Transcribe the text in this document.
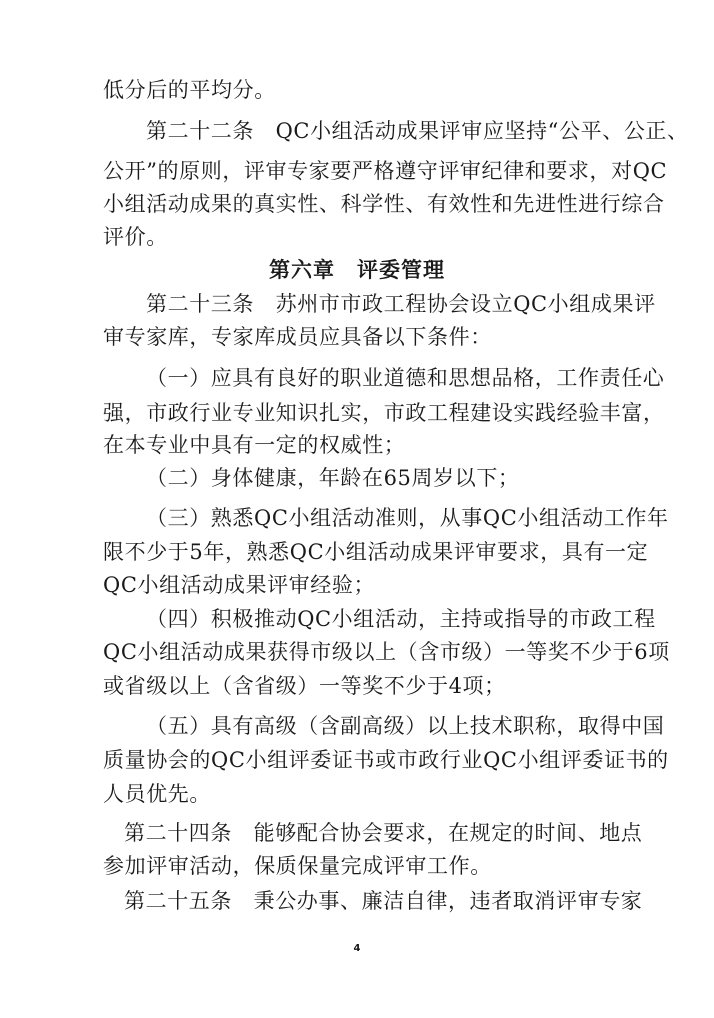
低分后的平均分。
第二十二条　QC小组活动成果评审应坚持“公平、公正、
公开”的原则，评审专家要严格遵守评审纪律和要求，对QC
小组活动成果的真实性、科学性、有效性和先进性进行综合
评价。
第六章　评委管理
第二十三条　苏州市市政工程协会设立QC小组成果评
审专家库，专家库成员应具备以下条件：
（一）应具有良好的职业道德和思想品格，工作责任心
强，市政行业专业知识扎实，市政工程建设实践经验丰富，
在本专业中具有一定的权威性；
（二）身体健康，年龄在65周岁以下；
（三）熟悉QC小组活动准则，从事QC小组活动工作年
限不少于5年，熟悉QC小组活动成果评审要求，具有一定
QC小组活动成果评审经验；
（四）积极推动QC小组活动，主持或指导的市政工程
QC小组活动成果获得市级以上（含市级）一等奖不少于6项
或省级以上（含省级）一等奖不少于4项；
（五）具有高级（含副高级）以上技术职称，取得中国
质量协会的QC小组评委证书或市政行业QC小组评委证书的
人员优先。
第二十四条　能够配合协会要求，在规定的时间、地点
参加评审活动，保质保量完成评审工作。
第二十五条　秉公办事、廉洁自律，违者取消评审专家
4
